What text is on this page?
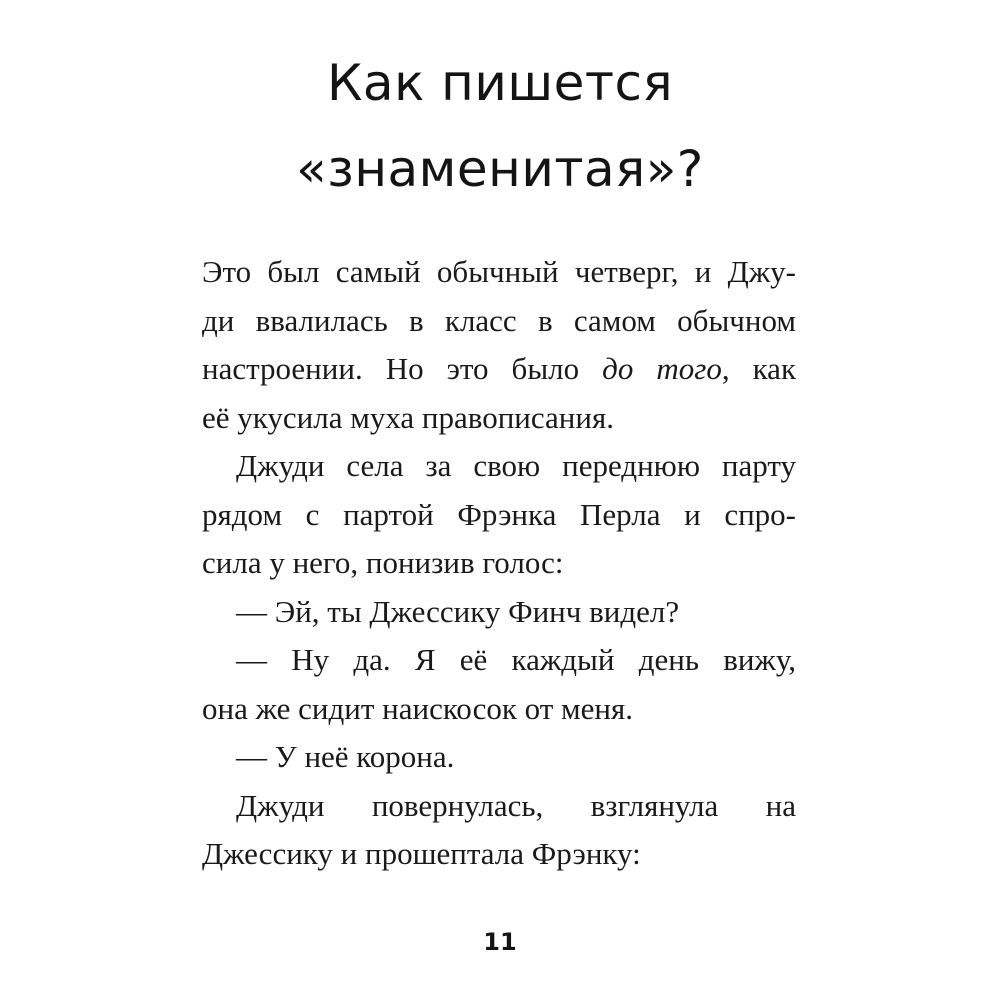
Как пишется
«знаменитая»?
Это был самый обычный четверг, и Джу-
ди ввалилась в класс в самом обычном
настроении. Но это было до того, как
её укусила муха правописания.
Джуди села за свою переднюю парту
рядом с партой Фрэнка Перла и спро-
сила у него, понизив голос:
— Эй, ты Джессику Финч видел?
— Ну да. Я её каждый день вижу,
она же сидит наискосок от меня.
— У неё корона.
Джуди повернулась, взглянула на
Джессику и прошептала Фрэнку:
11
